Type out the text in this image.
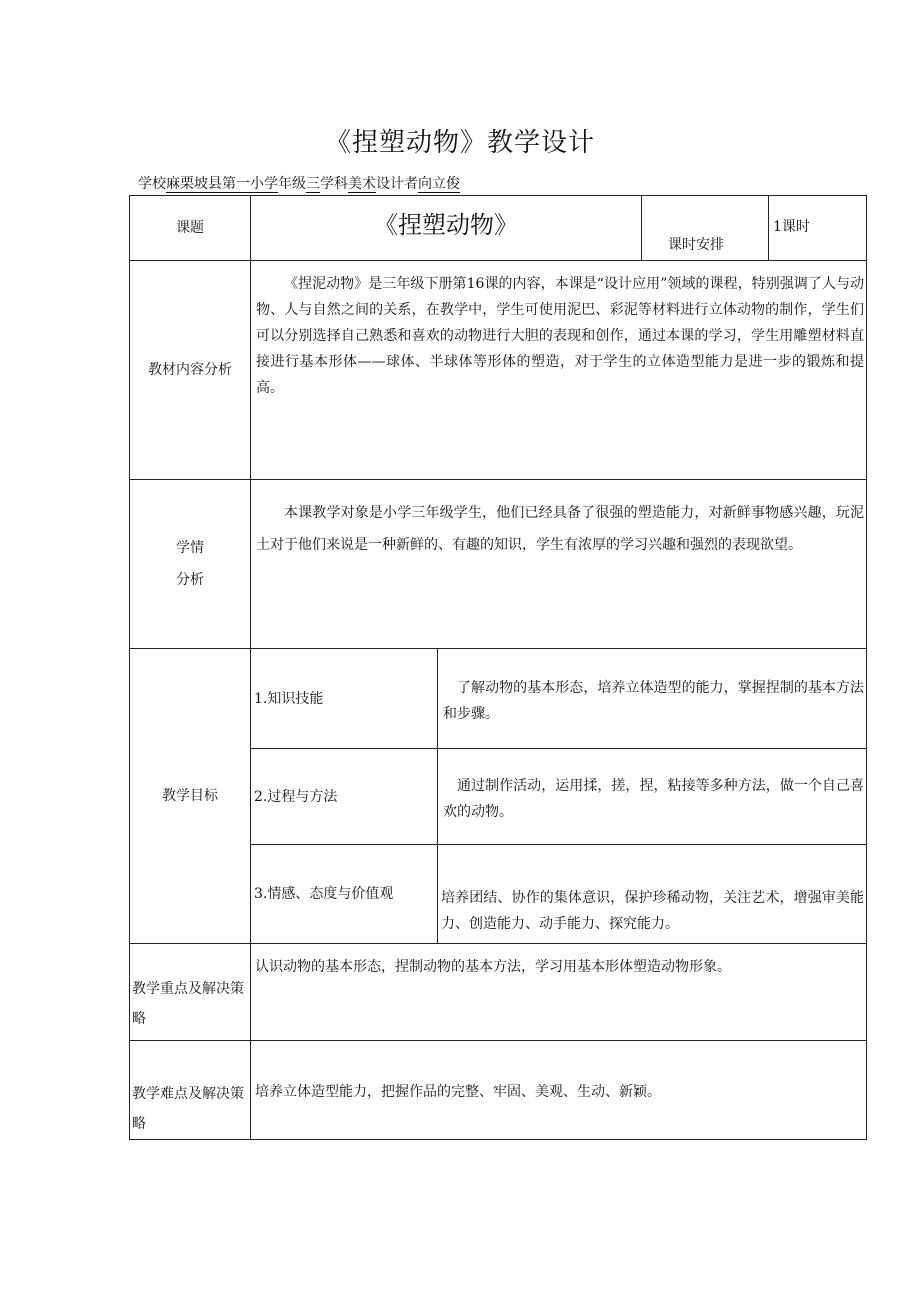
《捏塑动物》教学设计
学校麻栗坡县第一小学年级三学科美术设计者向立俊
课题	《捏塑动物》
课时安排
1课时
教材内容分析
《捏泥动物》是三年级下册第16课的内容，本课是“设计应用”领域的课程，特别强调了人与动物、人与自然之间的关系，在教学中，学生可使用泥巴、彩泥等材料进行立体动物的制作，学生们可以分别选择自己熟悉和喜欢的动物进行大胆的表现和创作，通过本课的学习，学生用雕塑材料直接进行基本形体——球体、半球体等形体的塑造，对于学生的立体造型能力是进一步的锻炼和提高。
学情
分析
本课教学对象是小学三年级学生，他们已经具备了很强的塑造能力，对新鲜事物感兴趣，玩泥土对于他们来说是一种新鲜的、有趣的知识，学生有浓厚的学习兴趣和强烈的表现欲望。
教学目标
1.知识技能
了解动物的基本形态，培养立体造型的能力，掌握捏制的基本方法和步骤。
2.过程与方法
通过制作活动，运用揉，搓，捏，粘接等多种方法，做一个自己喜欢的动物。
3.情感、态度与价值观	培养团结、协作的集体意识，保护珍稀动物，关注艺术，增强审美能力、创造能力、动手能力、探究能力。
教学重点及解决策略
认识动物的基本形态，捏制动物的基本方法，学习用基本形体塑造动物形象。
教学难点及解决策略
培养立体造型能力，把握作品的完整、牢固、美观、生动、新颖。
